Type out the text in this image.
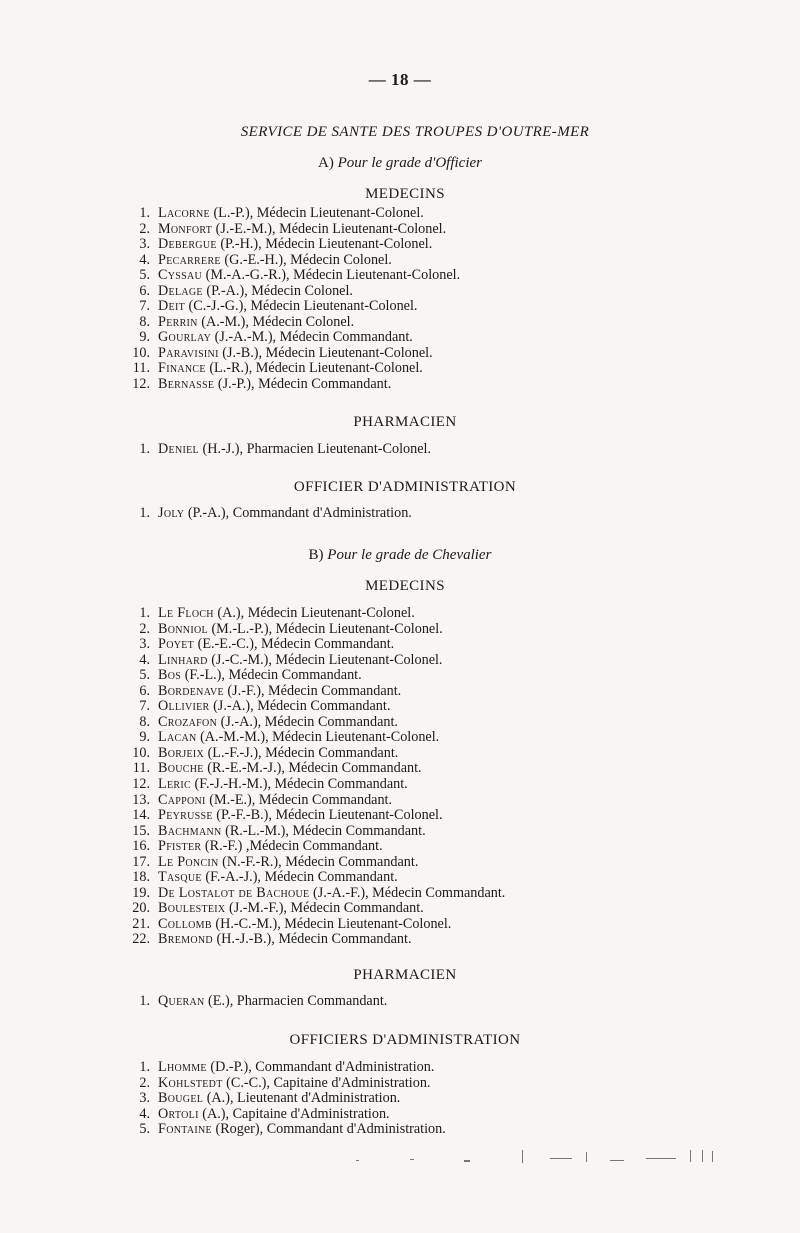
— 18 —
SERVICE DE SANTE DES TROUPES D'OUTRE-MER
A) Pour le grade d'Officier
MEDECINS
1. Lacorne (L.-P.), Médecin Lieutenant-Colonel.
2. Monfort (J.-E.-M.), Médecin Lieutenant-Colonel.
3. Debergue (P.-H.), Médecin Lieutenant-Colonel.
4. Pecarrere (G.-E.-H.), Médecin Colonel.
5. Cyssau (M.-A.-G.-R.), Médecin Lieutenant-Colonel.
6. Delage (P.-A.), Médecin Colonel.
7. Deit (C.-J.-G.), Médecin Lieutenant-Colonel.
8. Perrin (A.-M.), Médecin Colonel.
9. Gourlay (J.-A.-M.), Médecin Commandant.
10. Paravisini (J.-B.), Médecin Lieutenant-Colonel.
11. Finance (L.-R.), Médecin Lieutenant-Colonel.
12. Bernasse (J.-P.), Médecin Commandant.
PHARMACIEN
1. Deniel (H.-J.), Pharmacien Lieutenant-Colonel.
OFFICIER D'ADMINISTRATION
1. Joly (P.-A.), Commandant d'Administration.
B) Pour le grade de Chevalier
MEDECINS
1. Le Floch (A.), Médecin Lieutenant-Colonel.
2. Bonniol (M.-L.-P.), Médecin Lieutenant-Colonel.
3. Poyet (E.-E.-C.), Médecin Commandant.
4. Linhard (J.-C.-M.), Médecin Lieutenant-Colonel.
5. Bos (F.-L.), Médecin Commandant.
6. Bordenave (J.-F.), Médecin Commandant.
7. Ollivier (J.-A.), Médecin Commandant.
8. Crozafon (J.-A.), Médecin Commandant.
9. Lacan (A.-M.-M.), Médecin Lieutenant-Colonel.
10. Borjeix (L.-F.-J.), Médecin Commandant.
11. Bouche (R.-E.-M.-J.), Médecin Commandant.
12. Leric (F.-J.-H.-M.), Médecin Commandant.
13. Capponi (M.-E.), Médecin Commandant.
14. Peyrusse (P.-F.-B.), Médecin Lieutenant-Colonel.
15. Bachmann (R.-L.-M.), Médecin Commandant.
16. Pfister (R.-F.) ,Médecin Commandant.
17. Le Poncin (N.-F.-R.), Médecin Commandant.
18. Tasque (F.-A.-J.), Médecin Commandant.
19. De Lostalot de Bachoue (J.-A.-F.), Médecin Commandant.
20. Boulesteix (J.-M.-F.), Médecin Commandant.
21. Collomb (H.-C.-M.), Médecin Lieutenant-Colonel.
22. Bremond (H.-J.-B.), Médecin Commandant.
PHARMACIEN
1. Queran (E.), Pharmacien Commandant.
OFFICIERS D'ADMINISTRATION
1. Lhomme (D.-P.), Commandant d'Administration.
2. Kohlstedt (C.-C.), Capitaine d'Administration.
3. Bougel (A.), Lieutenant d'Administration.
4. Ortoli (A.), Capitaine d'Administration.
5. Fontaine (Roger), Commandant d'Administration.
